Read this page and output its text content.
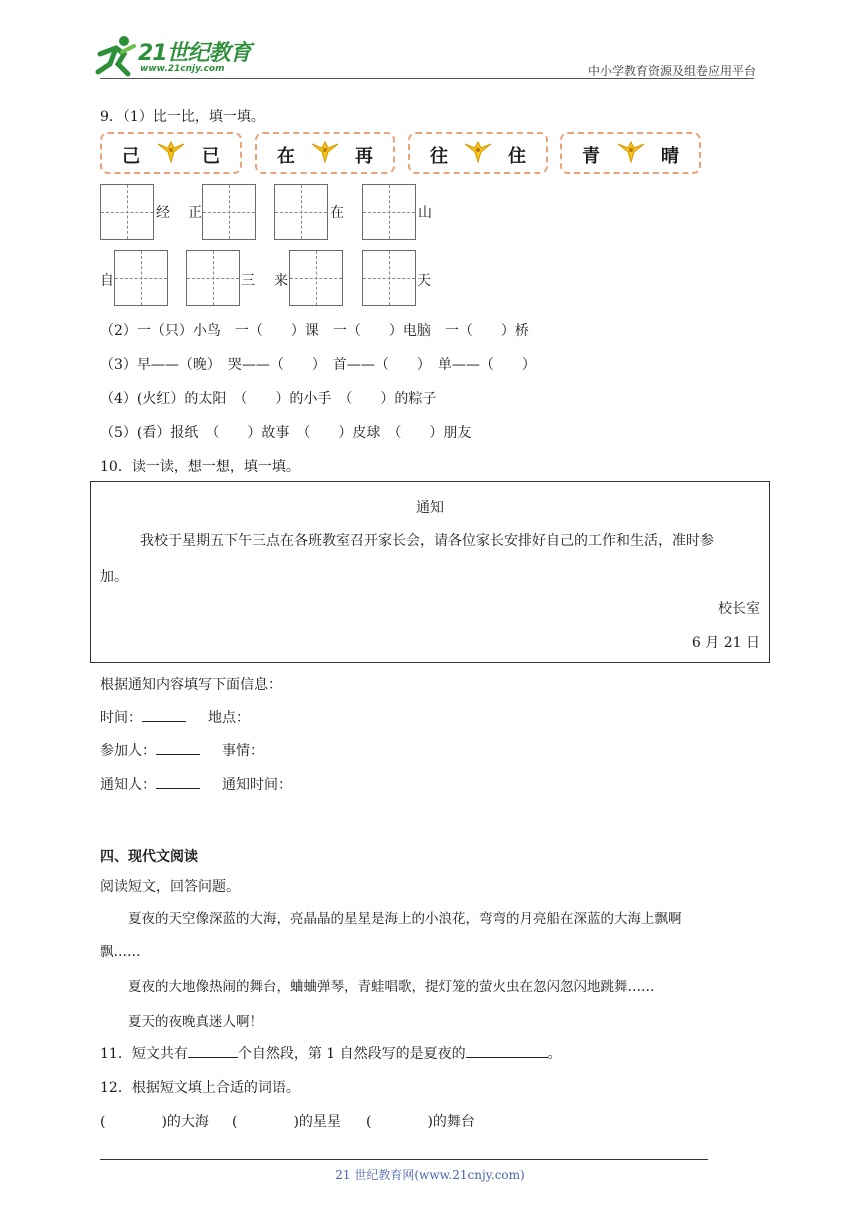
21世纪教育
www.21cnjy.com	中小学教育资源及组卷应用平台
9．（1）比一比，填一填。
己	已	在	再	往	住	青	晴
经 正	在	山
自	三 来	天
（2）一（只）小鸟　一（　　）课　一（　　）电脑　一（　　）桥
（3）早——（晚）　哭——（　　）　首——（　　）　单——（　　）
（4）(火红）的太阳　（　　）的小手　（　　）的粽子
（5）(看）报纸　（　　）故事　（　　）皮球　（　　）朋友
10．读一读，想一想，填一填。
通知
我校于星期五下午三点在各班教室召开家长会，请各位家长安排好自己的工作和生活，准时参
加。
校长室
6 月 21 日
根据通知内容填写下面信息：
时间：	地点：
参加人：	事情：
通知人：	通知时间：
四、现代文阅读
阅读短文，回答问题。
夏夜的天空像深蓝的大海，亮晶晶的星星是海上的小浪花，弯弯的月亮船在深蓝的大海上飘啊
飘……
夏夜的大地像热闹的舞台，蛐蛐弹琴，青蛙唱歌，提灯笼的萤火虫在忽闪忽闪地跳舞……
夏天的夜晚真迷人啊！
11．短文共有	个自然段，第 1 自然段写的是夏夜的	。
12．根据短文填上合适的词语。
(　　　　)的大海 (　　　　)的星星 (　　　　)的舞台
21 世纪教育网(www.21cnjy.com)
